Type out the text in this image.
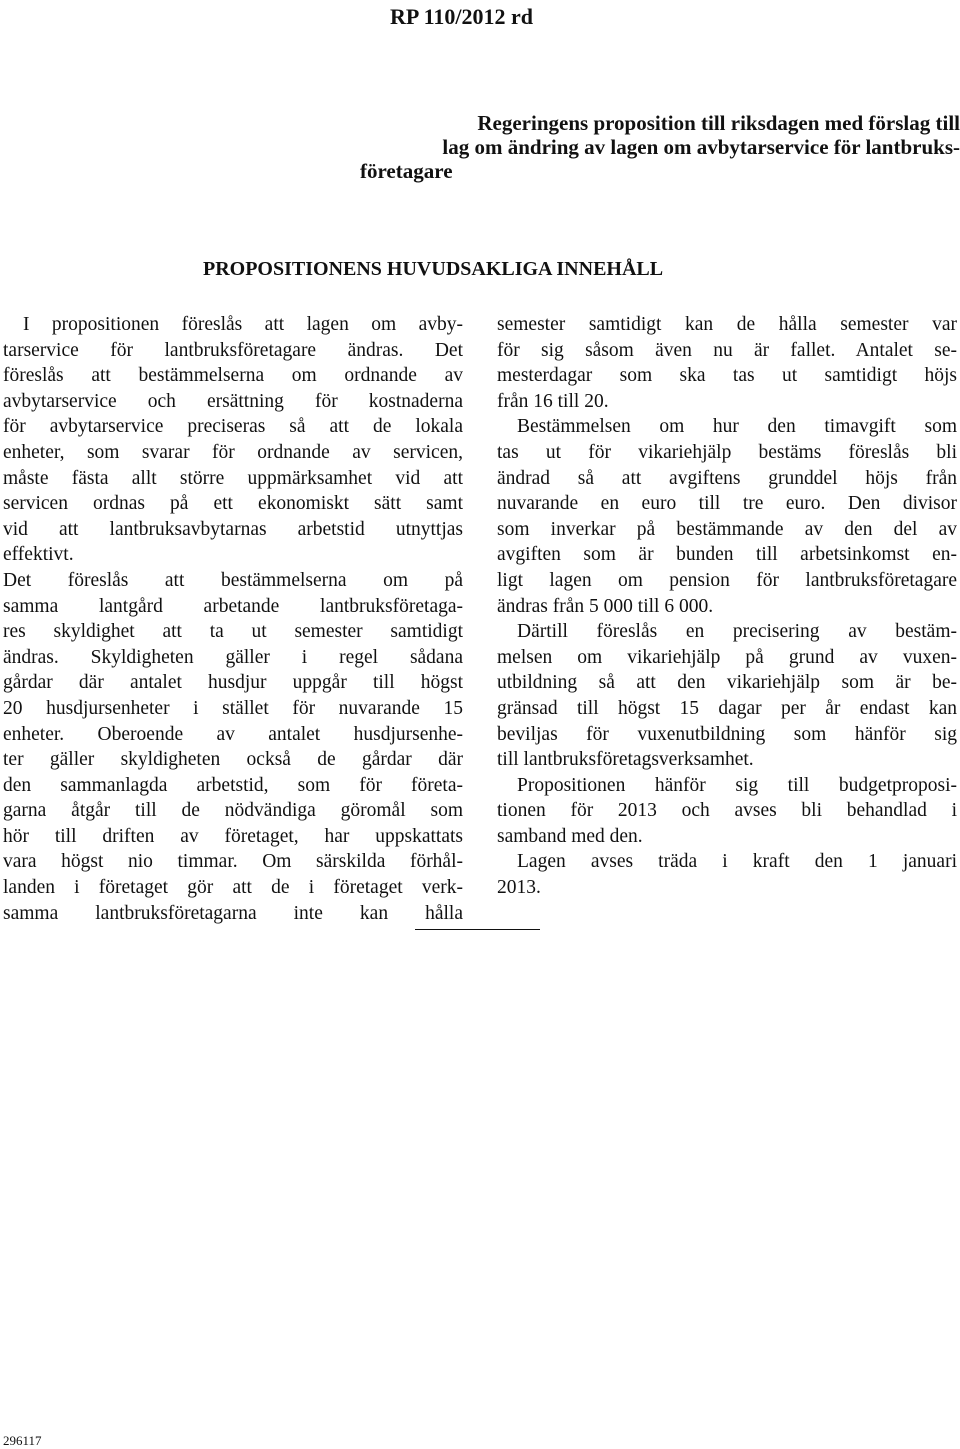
RP 110/2012 rd
Regeringens proposition till riksdagen med förslag till
lag om ändring av lagen om avbytarservice för lantbruks-
företagare
PROPOSITIONENS HUVUDSAKLIGA INNEHÅLL
I propositionen föreslås att lagen om avby-
tarservice för lantbruksföretagare ändras. Det
föreslås att bestämmelserna om ordnande av
avbytarservice och ersättning för kostnaderna
för avbytarservice preciseras så att de lokala
enheter, som svarar för ordnande av servicen,
måste fästa allt större uppmärksamhet vid att
servicen ordnas på ett ekonomiskt sätt samt
vid att lantbruksavbytarnas arbetstid utnyttjas
effektivt.
Det föreslås att bestämmelserna om på
samma lantgård arbetande lantbruksföretaga-
res skyldighet att ta ut semester samtidigt
ändras. Skyldigheten gäller i regel sådana
gårdar där antalet husdjur uppgår till högst
20 husdjursenheter i stället för nuvarande 15
enheter. Oberoende av antalet husdjursenhe-
ter gäller skyldigheten också de gårdar där
den sammanlagda arbetstid, som för företa-
garna åtgår till de nödvändiga göromål som
hör till driften av företaget, har uppskattats
vara högst nio timmar. Om särskilda förhål-
landen i företaget gör att de i företaget verk-
samma lantbruksföretagarna inte kan hålla
semester samtidigt kan de hålla semester var
för sig såsom även nu är fallet. Antalet se-
mesterdagar som ska tas ut samtidigt höjs
från 16 till 20.
Bestämmelsen om hur den timavgift som
tas ut för vikariehjälp bestäms föreslås bli
ändrad så att avgiftens grunddel höjs från
nuvarande en euro till tre euro. Den divisor
som inverkar på bestämmande av den del av
avgiften som är bunden till arbetsinkomst en-
ligt lagen om pension för lantbruksföretagare
ändras från 5 000 till 6 000.
Därtill föreslås en precisering av bestäm-
melsen om vikariehjälp på grund av vuxen-
utbildning så att den vikariehjälp som är be-
gränsad till högst 15 dagar per år endast kan
beviljas för vuxenutbildning som hänför sig
till lantbruksföretagsverksamhet.
Propositionen hänför sig till budgetproposi-
tionen för 2013 och avses bli behandlad i
samband med den.
Lagen avses träda i kraft den 1 januari
2013.
296117
